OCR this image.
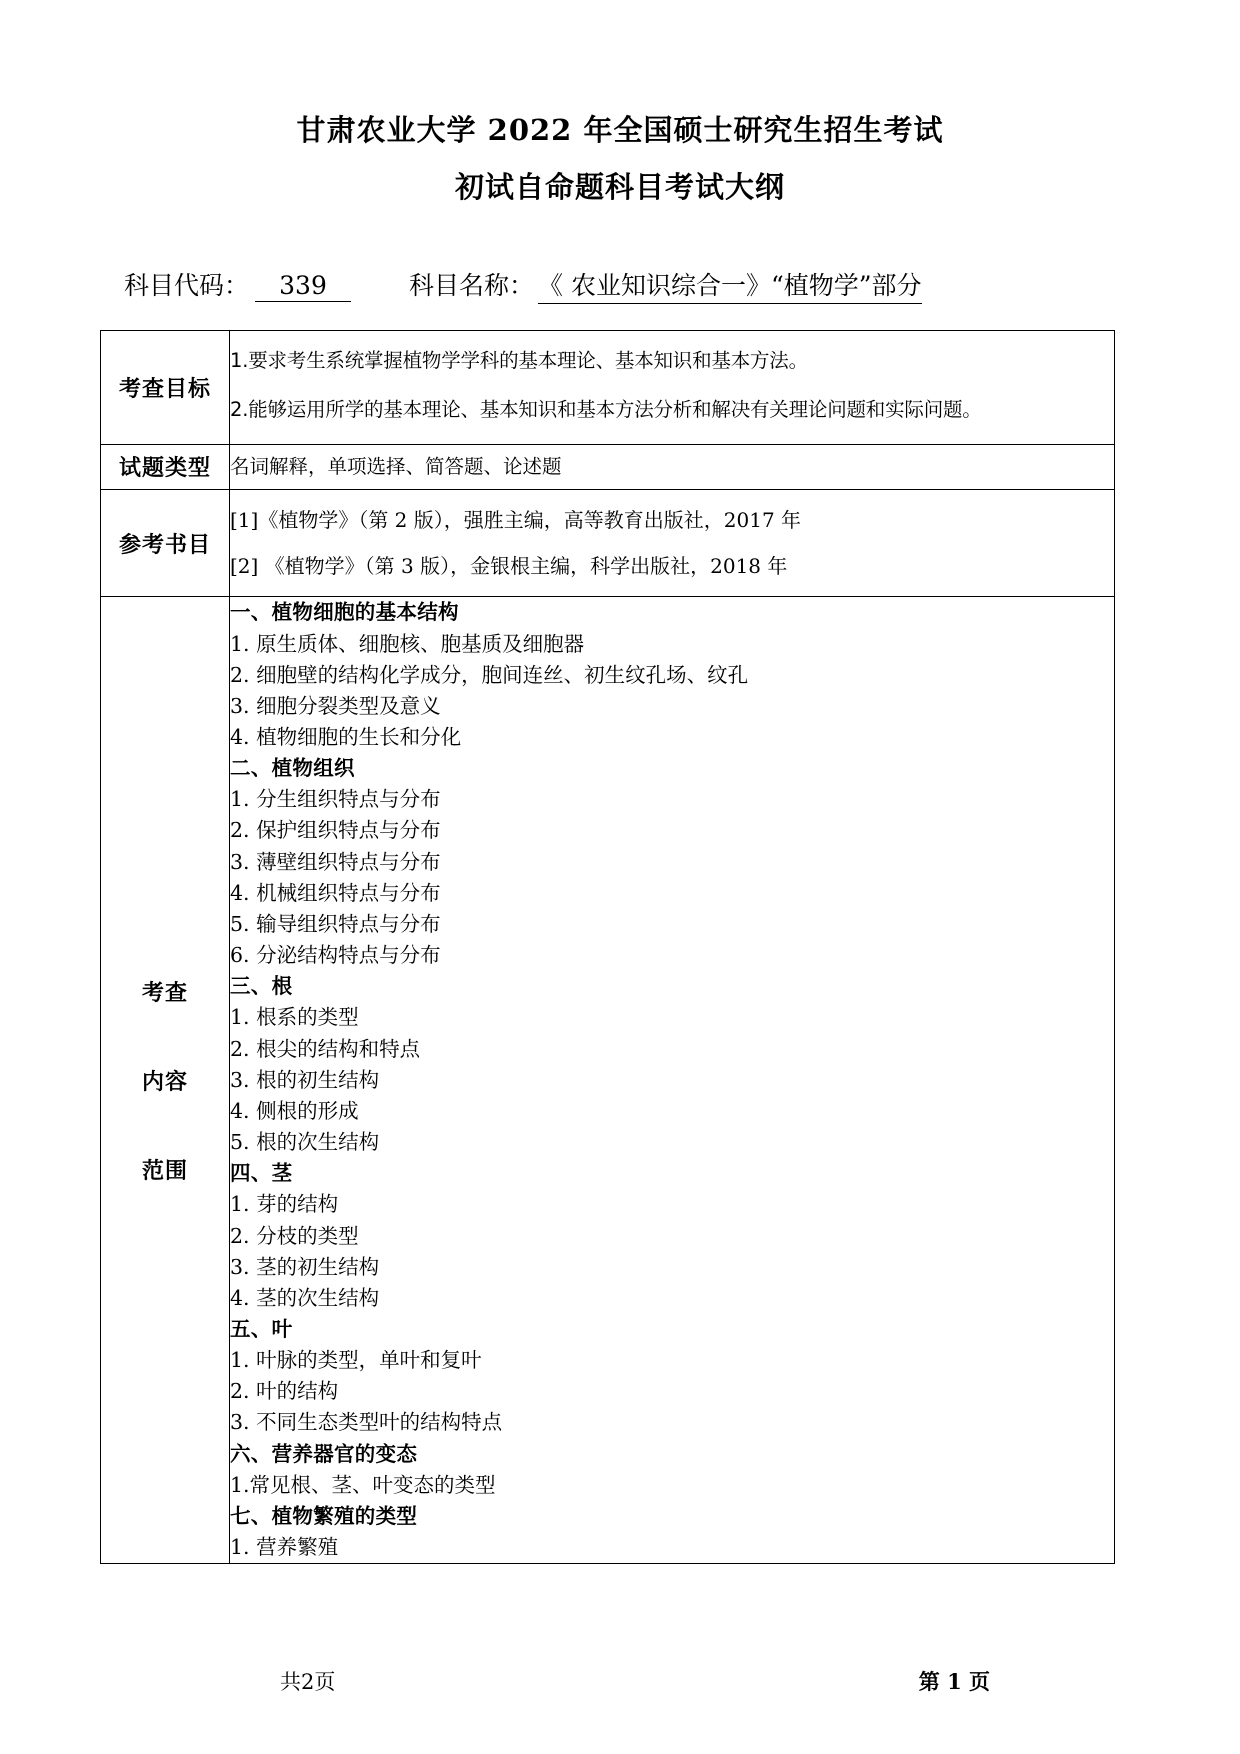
甘肃农业大学 2022 年全国硕士研究生招生考试
初试自命题科目考试大纲
科目代码：	339	科目名称： 《 农业知识综合一》“植物学”部分
考查目标	1.要求考生系统掌握植物学学科的基本理论、基本知识和基本方法。
2.能够运用所学的基本理论、基本知识和基本方法分析和解决有关理论问题和实际问题。

试题类型	名词解释，单项选择、简答题、论述题

参考书目	[1]《植物学》（第 2 版），强胜主编，高等教育出版社，2017 年
[2] 《植物学》（第 3 版），金银根主编，科学出版社，2018 年

考查
内容
范围

一、植物细胞的基本结构
1. 原生质体、细胞核、胞基质及细胞器
2. 细胞壁的结构化学成分，胞间连丝、初生纹孔场、纹孔
3. 细胞分裂类型及意义
4. 植物细胞的生长和分化
二、植物组织
1. 分生组织特点与分布
2. 保护组织特点与分布
3. 薄壁组织特点与分布
4. 机械组织特点与分布
5. 输导组织特点与分布
6. 分泌结构特点与分布
三、根
1. 根系的类型
2. 根尖的结构和特点
3. 根的初生结构
4. 侧根的形成
5. 根的次生结构
四、茎
1. 芽的结构
2. 分枝的类型
3. 茎的初生结构
4. 茎的次生结构
五、叶
1. 叶脉的类型，单叶和复叶
2. 叶的结构
3. 不同生态类型叶的结构特点
六、营养器官的变态
1.常见根、茎、叶变态的类型
七、植物繁殖的类型
1. 营养繁殖
共2页	第 1 页
